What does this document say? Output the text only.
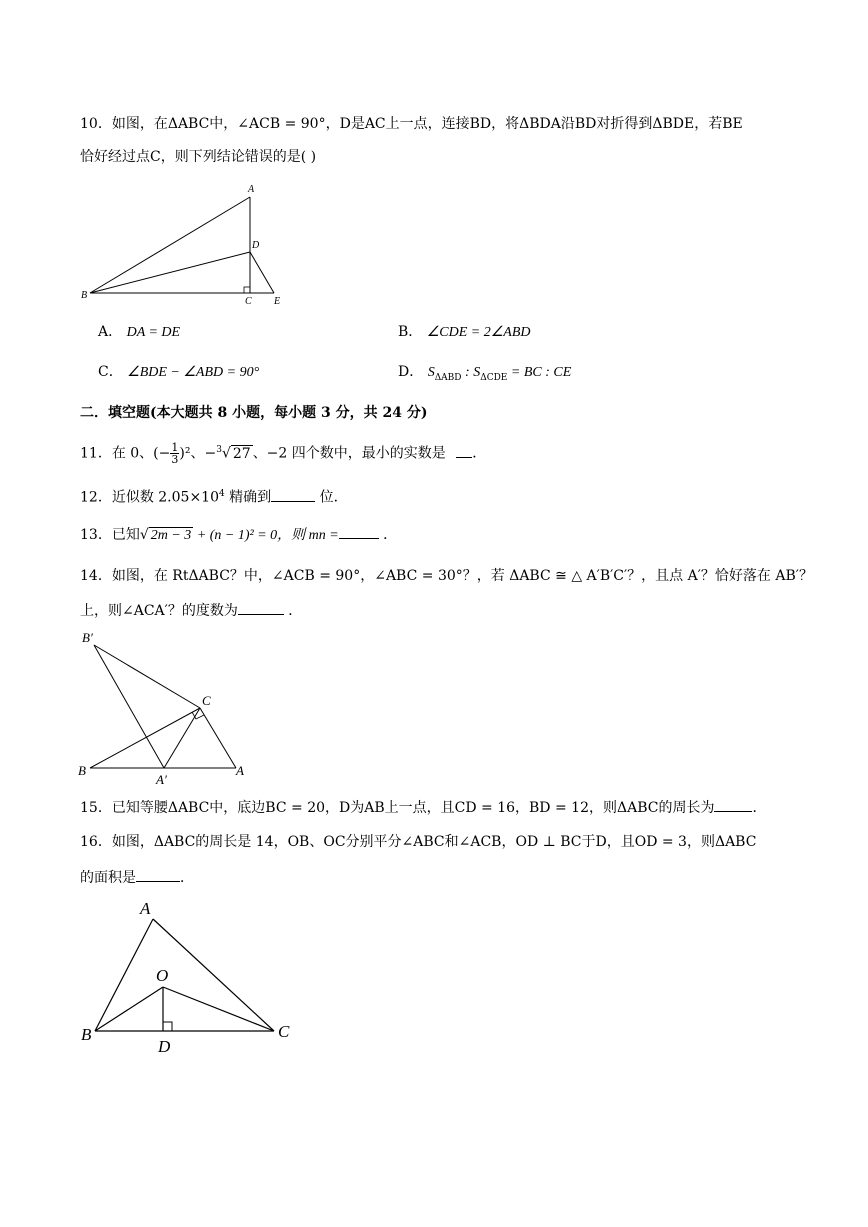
10．如图，在ΔABC中，∠ACB = 90°，D是AC上一点，连接BD，将ΔBDA沿BD对折得到ΔBDE，若BE
恰好经过点C，则下列结论错误的是( )
A
D
B
C E
A． DA = DE	B． ∠CDE = 2∠ABD
C． ∠BDE − ∠ABD = 90°	D． $S_{\Delta ABD}$ : $S_{\Delta CDE}$ = BC : CE
二．填空题(本大题共 8 小题，每小题 3 分，共 24 分)
11．在 0、(− $\frac{1}{3} )^2$、−$^3$√ 27 、−2 四个数中，最小的实数是 ．
12．近似数 $2.05\times 10^4$ 精确到	位．
13．已知√ 2m − 3 + (n − 1)² = 0，则 mn =	．
14．如图，在 RtΔABC？中，∠ACB = 90°，∠ABC = 30°？，若 ΔABC ≅ △ A′B′C′？，且点 A′？恰好落在 AB′？
上，则∠ACA′？的度数为	．
B′
C
B
A′
A
15．已知等腰ΔABC中，底边BC = 20，D为AB上一点，且CD = 16，BD = 12，则ΔABC的周长为	．
16．如图，ΔABC的周长是 14，OB、OC分别平分∠ABC和∠ACB，OD ⊥ BC于D，且OD = 3，则ΔABC
的面积是	．
A
O
B
D
C
